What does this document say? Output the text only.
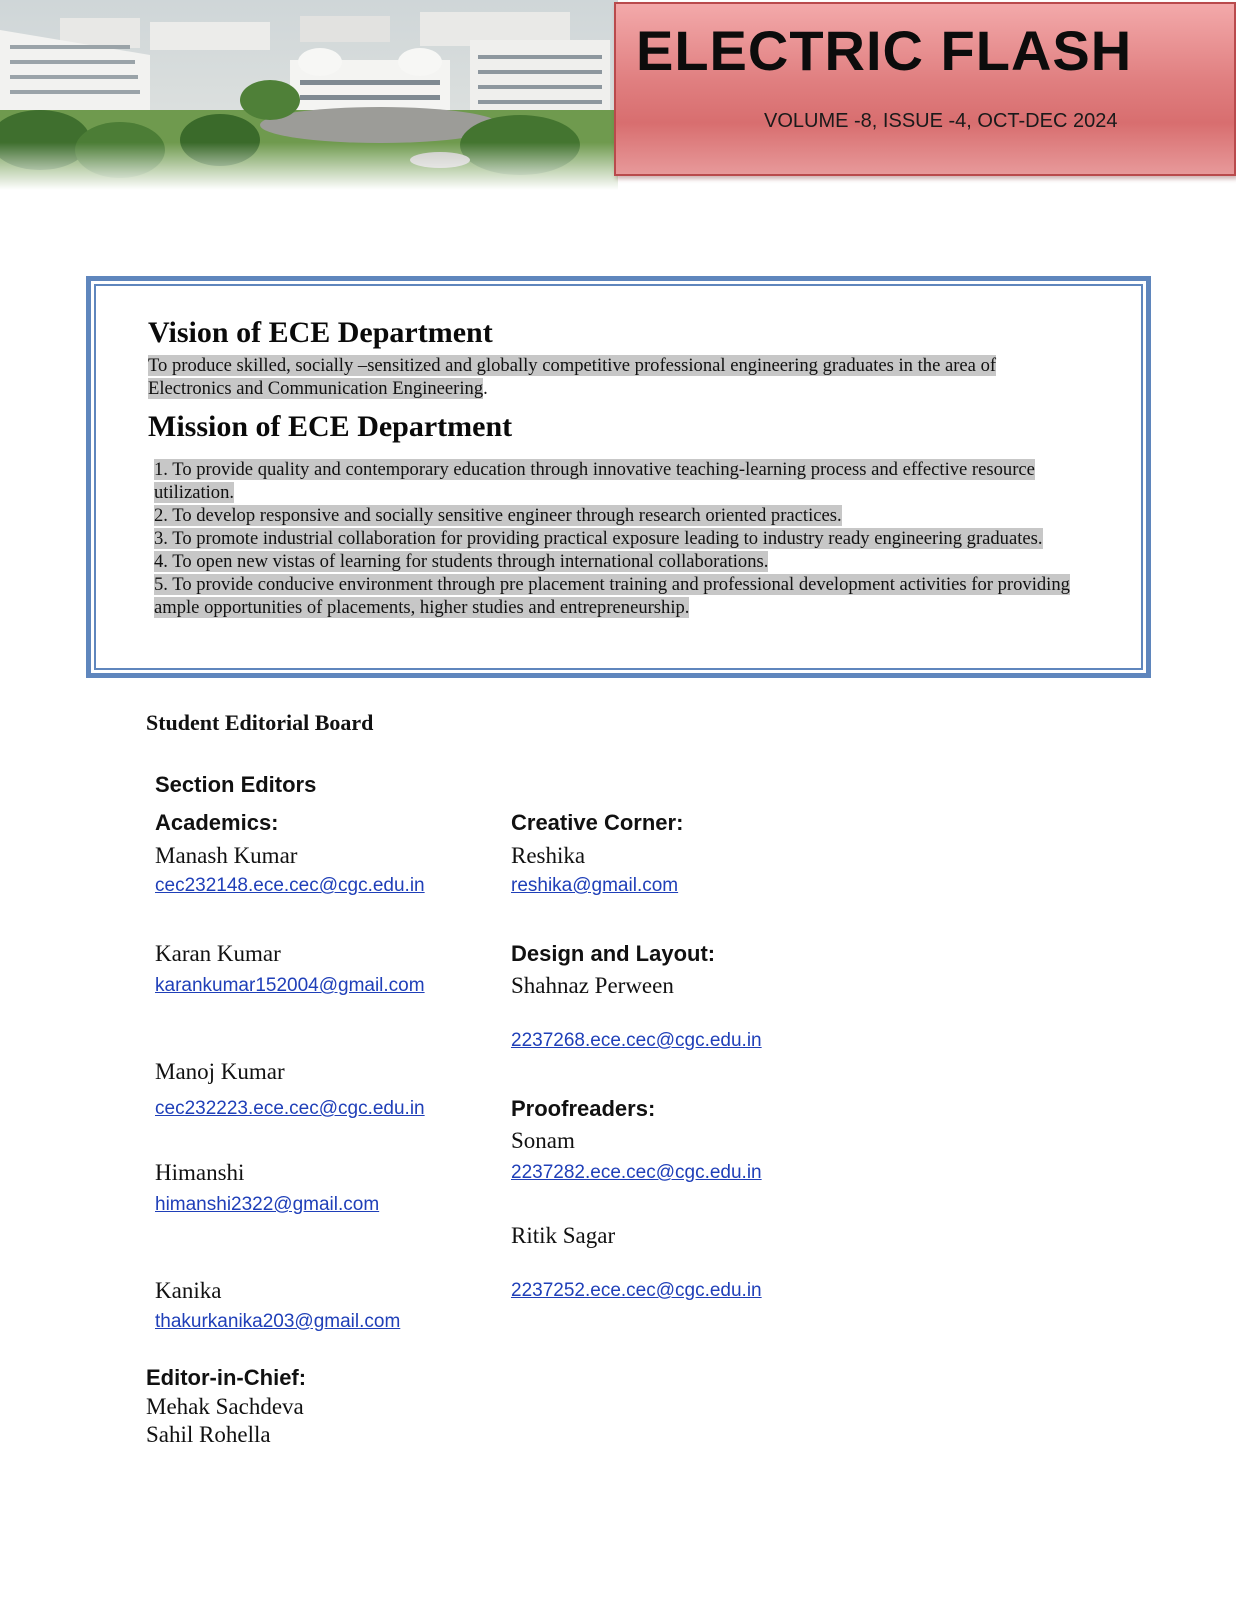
ELECTRIC FLASH
VOLUME -8, ISSUE -4, OCT-DEC 2024
Vision of ECE Department

To produce skilled, socially –sensitized and globally competitive professional engineering graduates in the area of
Electronics and Communication Engineering.

Mission of ECE Department
1. To provide quality and contemporary education through innovative teaching-learning process and effective resource utilization.
2. To develop responsive and socially sensitive engineer through research oriented practices.
3. To promote industrial collaboration for providing practical exposure leading to industry ready engineering graduates.
4. To open new vistas of learning for students through international collaborations.
5. To provide conducive environment through pre placement training and professional development activities for providing ample opportunities of placements, higher studies and entrepreneurship.
Student Editorial Board

Section Editors

Academics:

Manash Kumar

cec232148.ece.cec@cgc.edu.in

Karan Kumar

karankumar152004@gmail.com

Manoj Kumar

cec232223.ece.cec@cgc.edu.in

Himanshi

himanshi2322@gmail.com

Kanika

thakurkanika203@gmail.com

Creative Corner:

Reshika

reshika@gmail.com

Design and Layout:

Shahnaz Perween

2237268.ece.cec@cgc.edu.in

Proofreaders:

Sonam

2237282.ece.cec@cgc.edu.in

Ritik Sagar

2237252.ece.cec@cgc.edu.in

Editor-in-Chief:

Mehak Sachdeva

Sahil Rohella
